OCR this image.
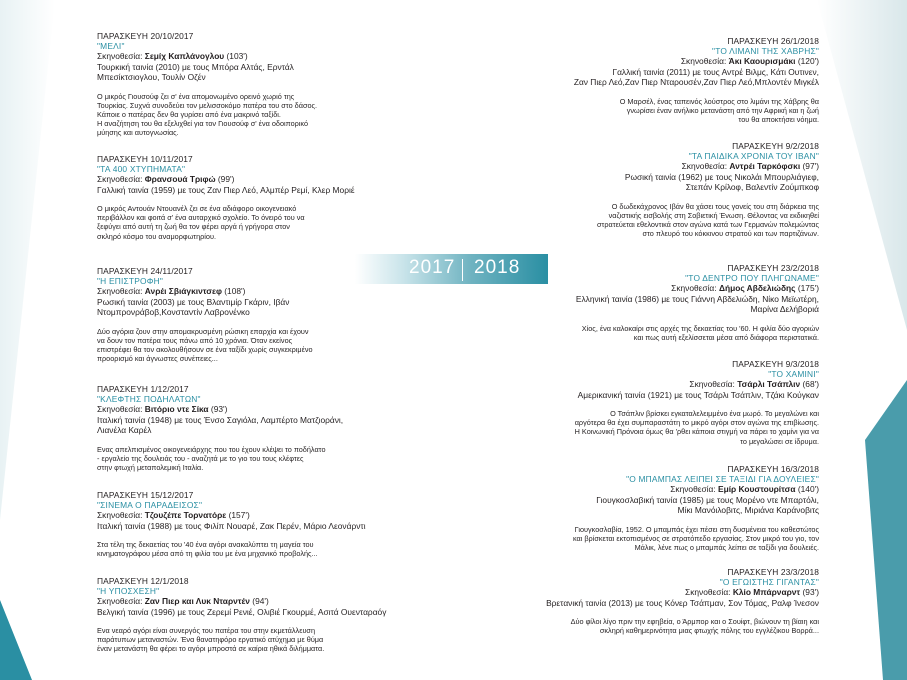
2017 2018
ΠΑΡΑΣΚΕΥΗ 20/10/2017
"ΜΕΛΙ"
Σκηνοθεσία: Σεμίχ Καπλάνογλου (103')
Τουρκική ταινία (2010) με τους Μπόρα Αλτάς, Ερντάλ
Μπεσίκτσιογλου, Τουλίν Οζέν
Ο μικρός Γιουσούφ ζει σ' ένα απομονωμένο ορεινό χωριό της
Τουρκίας. Συχνά συνοδεύει τον μελισσοκόμο πατέρα του στο δάσος.
Κάποιε ο πατέρας δεν θα γυρίσει από ένα μακρινό ταξίδι.
Η αναζήτηση του θα εξελιχθεί για τον Γιουσούφ σ' ένα οδοιπορικό
μύησης και αυτογνωσίας.
ΠΑΡΑΣΚΕΥΗ 10/11/2017
"ΤΑ 400 ΧΤΥΠΗΜΑΤΑ"
Σκηνοθεσία: Φρανσουά Τριφώ (99')
Γαλλική ταινία (1959) με τους Ζαν Πιερ Λεό, Αλμπέρ Ρεμί, Κλερ Μοριέ
Ο μικρός Αντουάν Ντουανέλ ζει σε ένα αδιάφορο οικογενειακό
περιβάλλον και φοιτά σ' ένα αυταρχικό σχολείο. Το όνειρό του να
ξεφύγει από αυτή τη ζωή θα τον φέρει αργά ή γρήγορα στον
σκληρό κόσμο του αναμορφωτηρίου.
ΠΑΡΑΣΚΕΥΗ 24/11/2017
"Η ΕΠΙΣΤΡΟΦΗ"
Σκηνοθεσία: Ανρέι Σβιάγκιντσεφ (108')
Ρωσική ταινία (2003) με τους Βλαντιμίρ Γκάριν, Ιβάν
Ντομπρονράβοβ,Κονσταντίν Λαβρονένκο
Δύο αγόρια ζουν στην απομακρυσμένη ρώσικη επαρχία και έχουν
να δουν τον πατέρα τους πάνω από 10 χρόνια. Όταν εκείνος
επιστρέφει θα τον ακολουθήσουν σε ένα ταξίδι χωρίς συγκεκριμένο
προορισμό και άγνωστες συνέπειες...
ΠΑΡΑΣΚΕΥΗ 1/12/2017
"ΚΛΕΦΤΗΣ ΠΟΔΗΛΑΤΩΝ"
Σκηνοθεσία: Βιτόριο ντε Σίκα (93')
Ιταλική ταινία (1948) με τους Ένσο Σαγιόλα, Λαμπέρτο Ματζιοράνι,
Λιανέλα Καρέλ
Ενας απελπισμένος οικογενειάρχης που του έχουν κλέψει το ποδήλατο
- εργαλείο της δουλειάς του - αναζητά με το γιο του τους κλέφτες
στην φτωχή μεταπολεμική Ιταλία.
ΠΑΡΑΣΚΕΥΗ 15/12/2017
"ΣΙΝΕΜΑ Ο ΠΑΡΑΔΕΙΣΟΣ"
Σκηνοθεσία: Τζουζέπε Τορνατόρε (157')
Ιταλική ταινία (1988) με τους Φιλίπ Νουαρέ, Ζακ Περέν, Μάριο Λεονάρντι
Στα τέλη της δεκαετίας του '40 ένα αγόρι ανακαλύπτει τη μαγεία του
κινηματογράφου μέσα από τη φιλία του με ένα μηχανικό προβολής...
ΠΑΡΑΣΚΕΥΗ 12/1/2018
"Η ΥΠΟΣΧΕΣΗ"
Σκηνοθεσία: Ζαν Πιερ και Λυκ Νταρντέν (94')
Βελγική ταινία (1996) με τους Ζερεμί Ρενιέ, Ολιβιέ Γκουρμέ, Ασιτά Ουενταραόγ
Ενα νεαρό αγόρι είναι συνεργός του πατέρα του στην εκμετάλλευση
παράτυπων μεταναστών. Ένα θανατηφόρο εργατικό ατύχημα με θύμα
έναν μετανάστη θα φέρει το αγόρι μπροστά σε καίρια ηθικά διλήμματα.
ΠΑΡΑΣΚΕΥΗ 26/1/2018
"ΤΟ ΛΙΜΑΝΙ ΤΗΣ ΧΑΒΡΗΣ"
Σκηνοθεσία: Άκι Καουρισμάκι (120')
Γαλλική ταινία (2011) με τους Αντρέ Βιλμς, Κάτι Ουτινεν,
Ζαν Πιερ Λεό,Ζαν Πιερ Νταρουσέν,Ζαν Πιερ Λεό,Μπλοντέν Μιγκέλ
Ο Μαρσέλ, ένας ταπεινός λούστρος στο λιμάνι της Χάβρης θα
γνωρίσει έναν ανήλικο μετανάστη από την Αφρική και η ζωή
του θα αποκτήσει νόημα.
ΠΑΡΑΣΚΕΥΗ 9/2/2018
"ΤΑ ΠΑΙΔΙΚΑ ΧΡΟΝΙΑ ΤΟΥ ΙΒΑΝ"
Σκηνοθεσία: Αντρέι Ταρκόφσκι (97')
Ρωσική ταινία (1962) με τους Νικολάι Μπουρλιάγιεφ,
Στεπάν Κρίλοφ, Βαλεντίν Ζούμπκοφ
Ο δωδεκάχρονος Ιβάν θα χάσει τους γονείς του στη διάρκεια της
ναζιστικής εισβολής στη Σοβιετική Ένωση. Θέλοντας να εκδικηθεί
στρατεύεται εθελοντικά στον αγώνα κατά των Γερμανών πολεμώντας
στο πλευρό του κόκκινου στρατού και των παρτιζάνων.
ΠΑΡΑΣΚΕΥΗ 23/2/2018
"ΤΟ ΔΕΝΤΡΟ ΠΟΥ ΠΛΗΓΩΝΑΜΕ"
Σκηνοθεσία: Δήμος Αβδελιώδης (175')
Ελληνική ταινία (1986) με τους Γιάννη Αβδελιώδη, Νίκο Μεϊωτέρη,
Μαρίνα Δελήβοριά
Χίος, ένα καλοκαίρι στις αρχές της δεκαετίας του '60. Η φιλία δύο αγοριών
και πως αυτή εξελίσσεται μέσα από διάφορα περιστατικά.
ΠΑΡΑΣΚΕΥΗ 9/3/2018
"ΤΟ ΧΑΜΙΝΙ"
Σκηνοθεσία: Τσάρλι Τσάπλιν (68')
Αμερικανική ταινία (1921) με τους Τσάρλι Τσάπλιν, Τζάκι Κούγκαν
Ο Τσάπλιν βρίσκει εγκαταλελειμμένο ένα μωρό. Το μεγαλώνει και
αργότερα θα έχει συμπαραστάτη το μικρό αγόρι στον αγώνα της επιβίωσης.
Η Κοινωνική Πρόνοια όμως θα 'ρθει κάποια στιγμή να πάρει το χαμίνι για να
το μεγαλώσει σε ίδρυμα.
ΠΑΡΑΣΚΕΥΗ 16/3/2018
"Ο ΜΠΑΜΠΑΣ ΛΕΙΠΕΙ ΣΕ ΤΑΞΙΔΙ ΓΙΑ ΔΟΥΛΕΙΕΣ"
Σκηνοθεσία: Εμίρ Κουστουρίτσα (140')
Γιουγκοσλαβική ταινία (1985) με τους Μορένο ντε Μπαρτόλι,
Μίκι Μανόιλοβιτς, Μιριάνα Καράνοβιτς
Γιουγκοσλαβία, 1952. Ο μπαμπάς έχει πέσει στη δυσμένεια του καθεστώτος
και βρίσκεται εκτοπισμένος σε στρατόπεδο εργασίας. Στον μικρό του γιο, τον
Μάλικ, λένε πως ο μπαμπάς λείπει σε ταξίδι για δουλειές.
ΠΑΡΑΣΚΕΥΗ 23/3/2018
"Ο ΕΓΩΙΣΤΗΣ ΓΙΓΑΝΤΑΣ"
Σκηνοθεσία: Κλίο Μπάρναρντ (93')
Βρετανική ταινία (2013) με τους Κόνερ Τσάπμαν, Σον Τόμας, Ραλφ Ίνεσον
Δύο φίλοι λίγο πριν την εφηβεία, ο Άρμπορ και ο Σουίφτ, βιώνουν τη βίαιη και
σκληρή καθημερινότητα μιας φτωχής πόλης του εγγλέζικου Βορρά...
